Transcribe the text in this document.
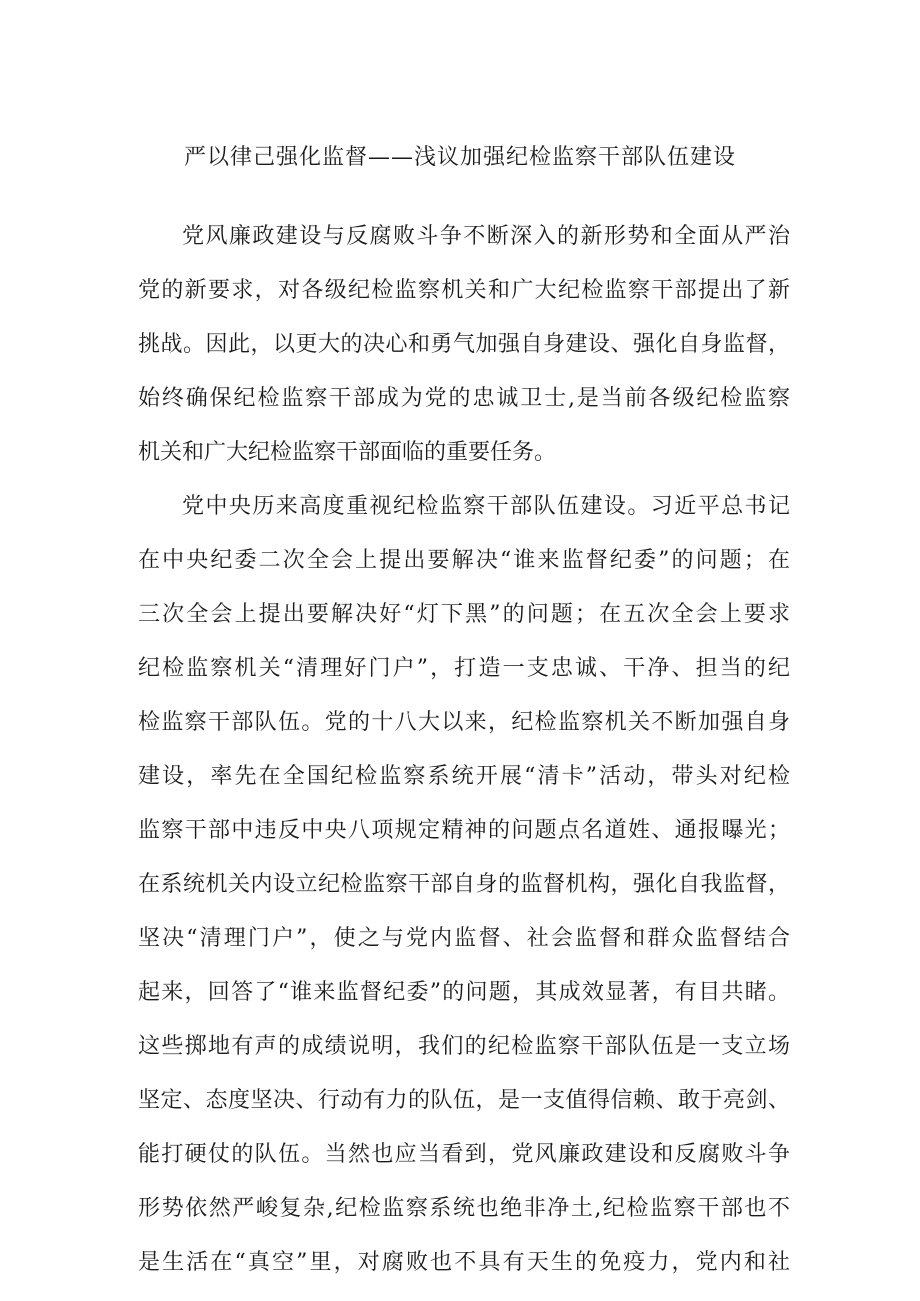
严以律己强化监督——浅议加强纪检监察干部队伍建设
党风廉政建设与反腐败斗争不断深入的新形势和全面从严治
党的新要求，对各级纪检监察机关和广大纪检监察干部提出了新
挑战。因此，以更大的决心和勇气加强自身建设、强化自身监督，
始终确保纪检监察干部成为党的忠诚卫士,是当前各级纪检监察
机关和广大纪检监察干部面临的重要任务。
党中央历来高度重视纪检监察干部队伍建设。习近平总书记
在中央纪委二次全会上提出要解决“谁来监督纪委”的问题；在
三次全会上提出要解决好“灯下黑”的问题；在五次全会上要求
纪检监察机关“清理好门户”，打造一支忠诚、干净、担当的纪
检监察干部队伍。党的十八大以来，纪检监察机关不断加强自身
建设，率先在全国纪检监察系统开展“清卡”活动，带头对纪检
监察干部中违反中央八项规定精神的问题点名道姓、通报曝光；
在系统机关内设立纪检监察干部自身的监督机构，强化自我监督，
坚决“清理门户”，使之与党内监督、社会监督和群众监督结合
起来，回答了“谁来监督纪委”的问题，其成效显著，有目共睹。
这些掷地有声的成绩说明，我们的纪检监察干部队伍是一支立场
坚定、态度坚决、行动有力的队伍，是一支值得信赖、敢于亮剑、
能打硬仗的队伍。当然也应当看到，党风廉政建设和反腐败斗争
形势依然严峻复杂,纪检监察系统也绝非净土,纪检监察干部也不
是生活在“真空”里，对腐败也不具有天生的免疫力，党内和社
